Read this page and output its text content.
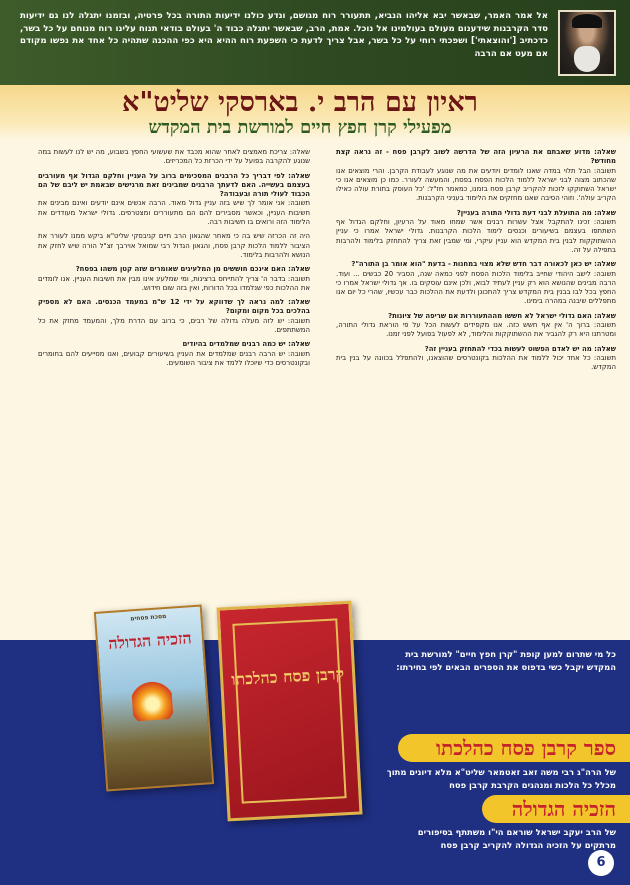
אל אמר האמר, שבאשר יבא אליהו הנביא, תתעורר רוח מגושם, ונדע כולנו ידיעות התורה בכל פרטיה, ובזמנו יתגלה לנו גם ידיעות סדר הקרבנות שידענום מעולם בעולמינו אל נוכל. אמת, הרב, שבאשר יתגלה כבוד ה' בעולם בודאי תנוח עלינו רוח מנוחם על כל בשר, כדכתיב ['והוצאתי'] ושפכתי רוחי על כל בשר, אבל צריך לדעת כי השפעת רוח ההיא היא כפי ההכנה שתהיה כל אחד את נפשו מקודם אם מעט אם הרבה
ראיון עם הרב י. בארסקי שליט"א
מפעילי קרן חפץ חיים למורשת בית המקדש
שאלה: מדוע שאבתם את הרעיון הזה של הדרשה לשוב לקרבן פסח - זה נראה קצת מחודש?
תשובה: הבל תלוי במדה שאנו לומדים ויודעים את מה שנוגע לעבודת הקרבן. והרי מוצאים אנו שהכתוב מצוה לבני ישראל ללמוד הלכות הפסח בפסח, והמעשה לעורר. כמו כן מוצאים אנו כי ישראל השתוקקו לזכות להקריב קרבן פסח בזמנו, כמאמר חז"ל: 'כל העוסק בתורת עולה כאילו הקריב עולה'. וזוהי הסיבה שאנו מחזקים את הלימוד בעניני הקרבנות.
שאלה: מה התועלת לבני דעת גדולי התורה בעניין?
תשובה: זכינו להתקבל אצל עשרות רבנים אשר שמחו מאוד על הרעיון, וחלקם הגדול אף השתתפו בעצמם בשיעורים וכנסים לימוד הלכות הקרבנות. גדולי ישראל אמרו כי עניין ההשתוקקות לבנין בית המקדש הוא עניין עיקרי, ומי שמבין זאת צריך להתחזק בלימוד ולהרבות בתפילה על זה.
שאלה: יש כאן לכאורה דבר חדש שלא מצוי במחנות - בדעת "הוא אומר בן התורה"?
תשובה: לישב היהודי שחייב בלימוד הלכות הפסח לפני כמאה שנה, הסביר 20 כבשים ... ועוד. הרבה מבינים שהנושא הוא רק עניין לעתיד לבוא, ולכן אינם עוסקים בו. אך גדולי ישראל אמרו כי החפץ בכל לבו בבנין בית המקדש צריך להתכונן ולדעת את ההלכות כבר עכשיו, שהרי כל יום אנו מתפללים שיבנה במהרה בימינו.
שאלה: האם גדולי ישראל לא חששו מההתעוררות אם שריפה של ציונות?
תשובה: ברוך ה' אין אף חשש כזה. אנו מקפידים לעשות הכל על פי הוראת גדולי התורה, ומטרתנו היא רק להגביר את ההשתוקקות והלימוד, לא לפעול בפועל לפני זמנו.
שאלה: מה יש לאדם הפשוט לעשות בכדי להתחזק בעניין זה?
תשובה: כל אחד יכול ללמוד את ההלכות בקונטרסים שהוצאנו, ולהתפלל בכוונה על בנין בית המקדש.
שאלה: צריכת מאמצים לאחר שהוא מכבד את שעשועי החפץ בשבוע, מה יש לנו לעשות במה שנוגע להקרבה בפועל על ידי הכרזת כל המכריזים.
שאלה: לפי דבריך כל הרבנים המסכימים ברוב על העניין וחלקם הגדול אף מעורבים בעצמם בעשייה. האם לדעתך הרבנים שמבינים זאת מרגישים שבאמת יש ליבם של הם הכבוד לעולי תורה ובעבודה?
תשובה: אני אומר לך שיש בזה עניין גדול מאוד. הרבה אנשים אינם יודעים ואינם מבינים את חשיבות העניין, וכאשר מסבירים להם הם מתעוררים ומצטרפים. גדולי ישראל מעודדים את הלימוד הזה ורואים בו חשיבות רבה.
היה זה הכרזה שיש בה כי מאחר שהגאון הרב חיים קניבסקי שליט"א ביקש ממנו לעורר את הציבור ללמוד הלכות קרבן פסח, והגאון הגדול רבי שמואל אוירבך זצ"ל הורה שיש לחזק את הנושא ולהרבות בלימוד.
שאלה: האם אינכם חוששים מן המלעיגים שאומרים שזה קטן משהו בפסח?
תשובה: בדבר ה' צריך להתייחס ברצינות, ומי שמלעיג אינו מבין את חשיבות העניין. אנו לומדים את ההלכות כפי שנלמדו בכל הדורות, ואין בזה שום חידוש.
שאלה: למה נראה לך שדווקא על ידי 12 ש"מ במעמד הכנסים. האם לא מספיק בהלכים בכל מקום ומקום?
תשובה: יש לזה מעלה גדולה של רבים, כי ברוב עם הדרת מלך, והמעמד מחזק את כל המשתתפים.
שאלה: יש כמה רבנים שמלמדים בהיודים
תשובה: יש הרבה רבנים שמלמדים את העניין בשיעורים קבועים, ואנו מסייעים להם בחומרים ובקונטרסים כדי שיוכלו ללמד את ציבור השומעים.
מסכת פסחים
הזכיה הגדולה
קרבן פסח כהלכתו
כל מי שתרום למען קופת "קרן חפץ חיים" למורשת בית המקדש יקבל כשי בדפוס את הספרים הבאים לפי בחירתו:
ספר קרבן פסח כהלכתו
של הרה"ג רבי משה זאב זאטמאר שליט"א מלא דיונים מתוך מכלל כל הלכות ומנהגים הקרבת קרבן פסח
הזכיה הגדולה
של הרב יעקב ישראל שוראם הי"ו משתתף בסיפורים מרתקים על הזכיה הגדולה להקריב קרבן פסח
6
